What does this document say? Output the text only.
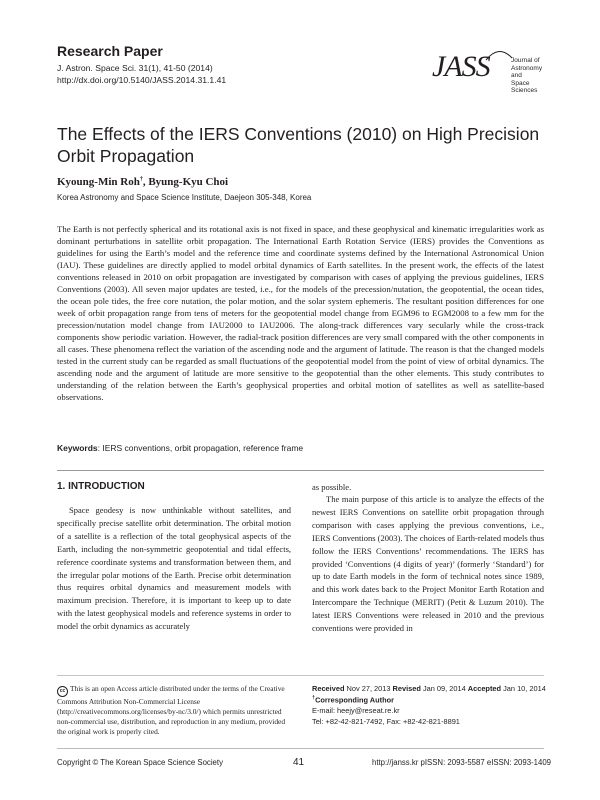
Research Paper
J. Astron. Space Sci. 31(1), 41-50 (2014)
http://dx.doi.org/10.5140/JASS.2014.31.1.41	JASS	Journal of
Astronomy and
Space Sciences
The Effects of the IERS Conventions (2010) on High Precision Orbit Propagation
Kyoung-Min Roh†, Byung-Kyu Choi
Korea Astronomy and Space Science Institute, Daejeon 305-348, Korea
The Earth is not perfectly spherical and its rotational axis is not fixed in space, and these geophysical and kinematic irregularities work as dominant perturbations in satellite orbit propagation. The International Earth Rotation Service (IERS) provides the Conventions as guidelines for using the Earth’s model and the reference time and coordinate systems defined by the International Astronomical Union (IAU). These guidelines are directly applied to model orbital dynamics of Earth satellites. In the present work, the effects of the latest conventions released in 2010 on orbit propagation are investigated by comparison with cases of applying the previous guidelines, IERS Conventions (2003). All seven major updates are tested, i.e., for the models of the precession/nutation, the geopotential, the ocean tides, the ocean pole tides, the free core nutation, the polar motion, and the solar system ephemeris. The resultant position differences for one week of orbit propagation range from tens of meters for the geopotential model change from EGM96 to EGM2008 to a few mm for the precession/nutation model change from IAU2000 to IAU2006. The along-track differences vary secularly while the cross-track components show periodic variation. However, the radial-track position differences are very small compared with the other components in all cases. These phenomena reflect the variation of the ascending node and the argument of latitude. The reason is that the changed models tested in the current study can be regarded as small fluctuations of the geopotential model from the point of view of orbital dynamics. The ascending node and the argument of latitude are more sensitive to the geopotential than the other elements. This study contributes to understanding of the relation between the Earth’s geophysical properties and orbital motion of satellites as well as satellite-based observations.
Keywords: IERS conventions, orbit propagation, reference frame
1. INTRODUCTION
Space geodesy is now unthinkable without satellites, and specifically precise satellite orbit determination. The orbital motion of a satellite is a reflection of the total geophysical aspects of the Earth, including the non-symmetric geopotential and tidal effects, reference coordinate systems and transformation between them, and the irregular polar motions of the Earth. Precise orbit determination thus requires orbital dynamics and measurement models with maximum precision. Therefore, it is important to keep up to date with the latest geophysical models and reference systems in order to model the orbit dynamics as accurately
as possible.
The main purpose of this article is to analyze the effects of the newest IERS Conventions on satellite orbit propagation through comparison with cases applying the previous conventions, i.e., IERS Conventions (2003). The choices of Earth-related models thus follow the IERS Conventions’ recommendations. The IERS has provided ‘Conventions (4 digits of year)’ (formerly ‘Standard’) for up to date Earth models in the form of technical notes since 1989, and this work dates back to the Project Monitor Earth Rotation and Intercompare the Technique (MERIT) (Petit & Luzum 2010). The latest IERS Conventions were released in 2010 and the previous conventions were provided in
cc This is an open Access article distributed under the terms of the Creative Commons Attribution Non-Commercial License (http://creativecommons.org/licenses/by-nc/3.0/) which permits unrestricted non-commercial use, distribution, and reproduction in any medium, provided the original work is properly cited.
Received Nov 27, 2013 Revised Jan 09, 2014 Accepted Jan 10, 2014
†Corresponding Author
E-mail: heejy@reseat.re.kr
Tel: +82-42-821-7492, Fax: +82-42-821-8891
Copyright © The Korean Space Science Society	41	http://janss.kr pISSN: 2093-5587 eISSN: 2093-1409
